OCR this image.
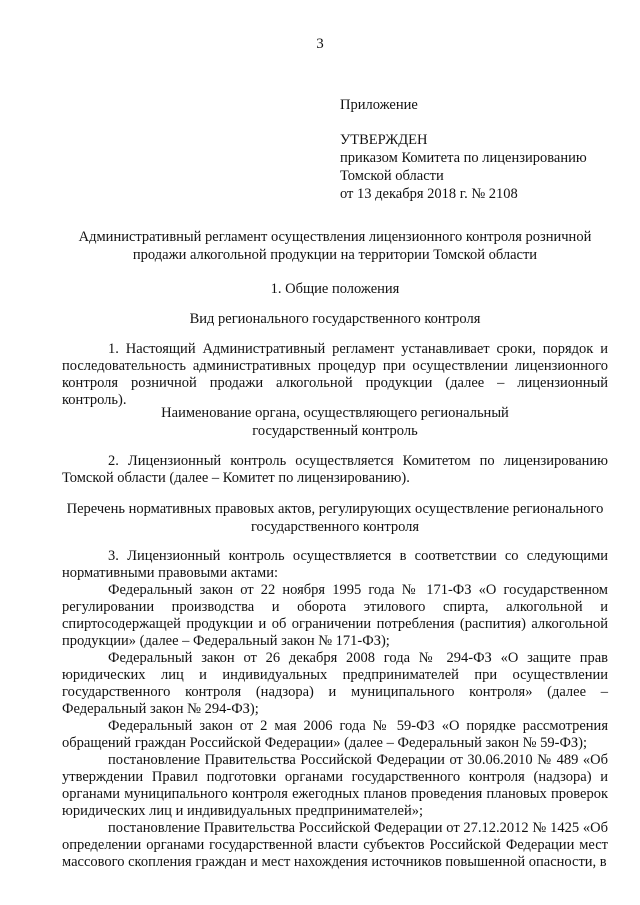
3
Приложение
УТВЕРЖДЕН
приказом Комитета по лицензированию
Томской области
от 13 декабря 2018 г. № 2108
Административный регламент осуществления лицензионного контроля розничной
продажи алкогольной продукции на территории Томской области
1. Общие положения
Вид регионального государственного контроля

1. Настоящий Административный регламент устанавливает сроки, порядок и последовательность административных процедур при осуществлении лицензионного контроля розничной продажи алкогольной продукции (далее – лицензионный контроль).

Наименование органа, осуществляющего региональный
государственный контроль

2. Лицензионный контроль осуществляется Комитетом по лицензированию Томской области (далее – Комитет по лицензированию).

Перечень нормативных правовых актов, регулирующих осуществление регионального
государственного контроля

3. Лицензионный контроль осуществляется в соответствии со следующими нормативными правовыми актами:

Федеральный закон от 22 ноября 1995 года № 171-ФЗ «О государственном регулировании производства и оборота этилового спирта, алкогольной и спиртосодержащей продукции и об ограничении потребления (распития) алкогольной продукции» (далее – Федеральный закон № 171-ФЗ);

Федеральный закон от 26 декабря 2008 года № 294-ФЗ «О защите прав юридических лиц и индивидуальных предпринимателей при осуществлении государственного контроля (надзора) и муниципального контроля» (далее – Федеральный закон № 294-ФЗ);

Федеральный закон от 2 мая 2006 года № 59-ФЗ «О порядке рассмотрения обращений граждан Российской Федерации» (далее – Федеральный закон № 59-ФЗ);

постановление Правительства Российской Федерации от 30.06.2010 № 489 «Об утверждении Правил подготовки органами государственного контроля (надзора) и органами муниципального контроля ежегодных планов проведения плановых проверок юридических лиц и индивидуальных предпринимателей»;

постановление Правительства Российской Федерации от 27.12.2012 № 1425 «Об определении органами государственной власти субъектов Российской Федерации мест массового скопления граждан и мест нахождения источников повышенной опасности, в
